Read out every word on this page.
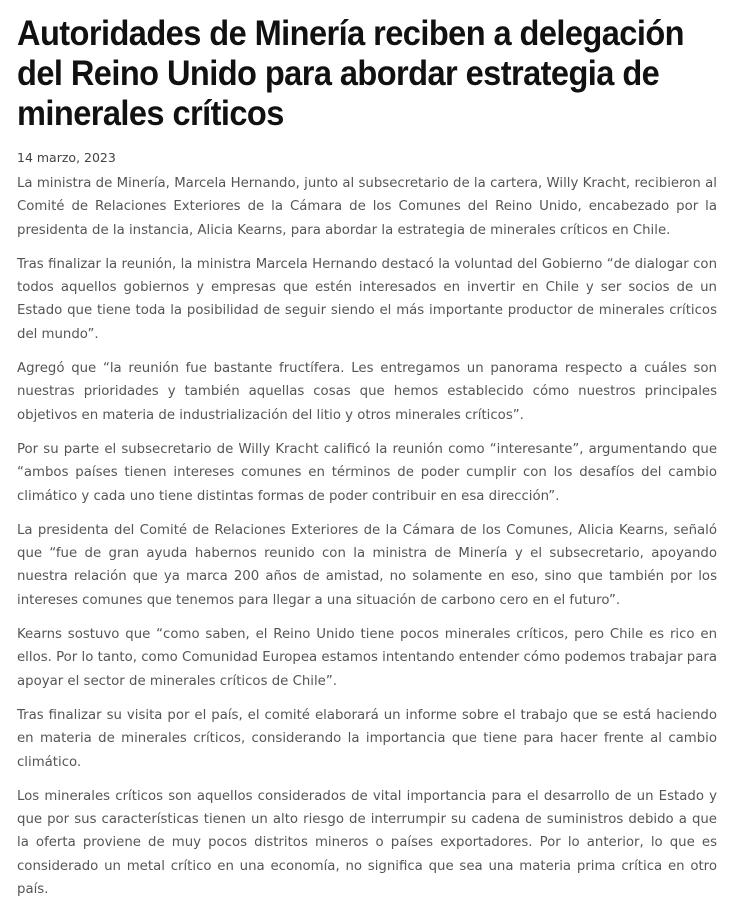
Autoridades de Minería reciben a delegación del Reino Unido para abordar estrategia de minerales críticos
14 marzo, 2023

La ministra de Minería, Marcela Hernando, junto al subsecretario de la cartera, Willy Kracht, recibieron al Comité de Relaciones Exteriores de la Cámara de los Comunes del Reino Unido, encabezado por la presidenta de la instancia, Alicia Kearns, para abordar la estrategia de minerales críticos en Chile.

Tras finalizar la reunión, la ministra Marcela Hernando destacó la voluntad del Gobierno “de dialogar con todos aquellos gobiernos y empresas que estén interesados en invertir en Chile y ser socios de un Estado que tiene toda la posibilidad de seguir siendo el más importante productor de minerales críticos del mundo”.

Agregó que “la reunión fue bastante fructífera. Les entregamos un panorama respecto a cuáles son nuestras prioridades y también aquellas cosas que hemos establecido cómo nuestros principales objetivos en materia de industrialización del litio y otros minerales críticos”.

Por su parte el subsecretario de Willy Kracht calificó la reunión como “interesante”, argumentando que “ambos países tienen intereses comunes en términos de poder cumplir con los desafíos del cambio climático y cada uno tiene distintas formas de poder contribuir en esa dirección”.

La presidenta del Comité de Relaciones Exteriores de la Cámara de los Comunes, Alicia Kearns, señaló que “fue de gran ayuda habernos reunido con la ministra de Minería y el subsecretario, apoyando nuestra relación que ya marca 200 años de amistad, no solamente en eso, sino que también por los intereses comunes que tenemos para llegar a una situación de carbono cero en el futuro”.

Kearns sostuvo que “como saben, el Reino Unido tiene pocos minerales críticos, pero Chile es rico en ellos. Por lo tanto, como Comunidad Europea estamos intentando entender cómo podemos trabajar para apoyar el sector de minerales críticos de Chile”.

Tras finalizar su visita por el país, el comité elaborará un informe sobre el trabajo que se está haciendo en materia de minerales críticos, considerando la importancia que tiene para hacer frente al cambio climático.

Los minerales críticos son aquellos considerados de vital importancia para el desarrollo de un Estado y que por sus características tienen un alto riesgo de interrumpir su cadena de suministros debido a que la oferta proviene de muy pocos distritos mineros o países exportadores. Por lo anterior, lo que es considerado un metal crítico en una economía, no significa que sea una materia prima crítica en otro país.
